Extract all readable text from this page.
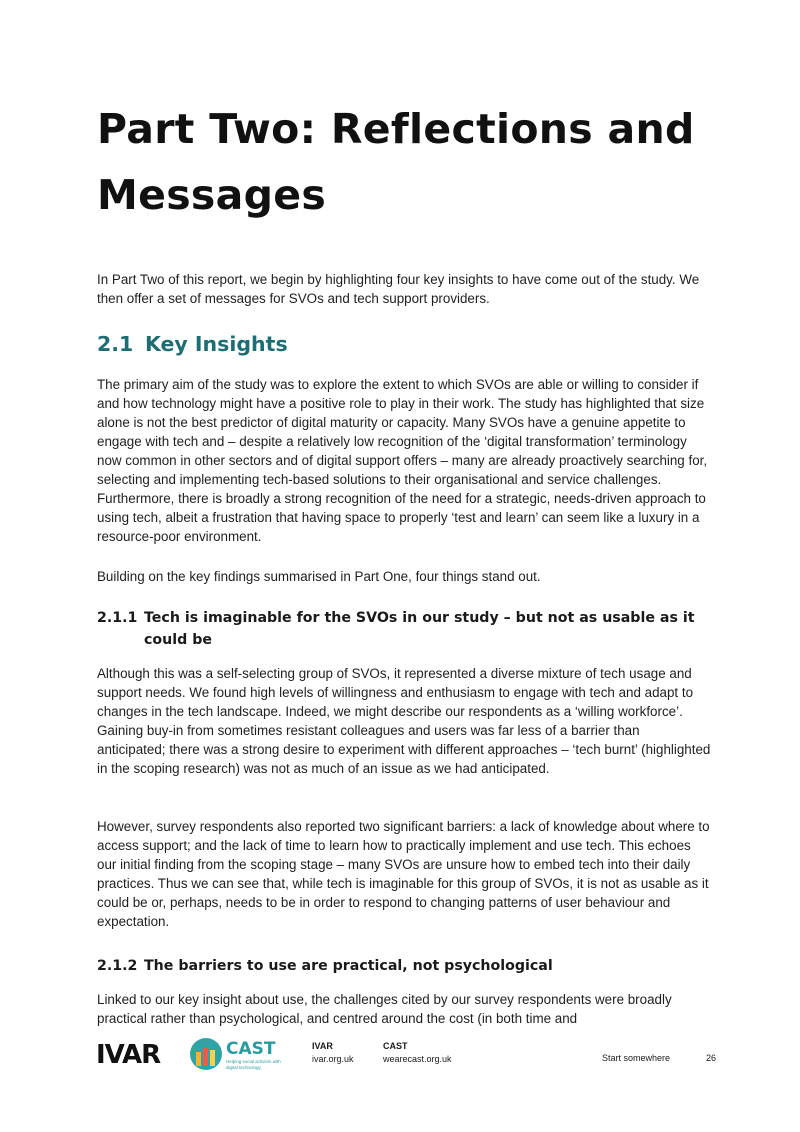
Part Two: Reflections and
Messages

In Part Two of this report, we begin by highlighting four key insights to have come out of the study. We then offer a set of messages for SVOs and tech support providers.

2.1 Key Insights

The primary aim of the study was to explore the extent to which SVOs are able or willing to consider if and how technology might have a positive role to play in their work. The study has highlighted that size alone is not the best predictor of digital maturity or capacity. Many SVOs have a genuine appetite to engage with tech and – despite a relatively low recognition of the ‘digital transformation’ terminology now common in other sectors and of digital support offers – many are already proactively searching for, selecting and implementing tech-based solutions to their organisational and service challenges. Furthermore, there is broadly a strong recognition of the need for a strategic, needs-driven approach to using tech, albeit a frustration that having space to properly ‘test and learn’ can seem like a luxury in a resource-poor environment.

Building on the key findings summarised in Part One, four things stand out.

2.1.1 Tech is imaginable for the SVOs in our study – but not as usable as it
could be

Although this was a self-selecting group of SVOs, it represented a diverse mixture of tech usage and support needs. We found high levels of willingness and enthusiasm to engage with tech and adapt to changes in the tech landscape. Indeed, we might describe our respondents as a ‘willing workforce’. Gaining buy-in from sometimes resistant colleagues and users was far less of a barrier than anticipated; there was a strong desire to experiment with different approaches – ‘tech burnt’ (highlighted in the scoping research) was not as much of an issue as we had anticipated.

However, survey respondents also reported two significant barriers: a lack of knowledge about where to access support; and the lack of time to learn how to practically implement and use tech. This echoes our initial finding from the scoping stage – many SVOs are unsure how to embed tech into their daily practices. Thus we can see that, while tech is imaginable for this group of SVOs, it is not as usable as it could be or, perhaps, needs to be in order to respond to changing patterns of user behaviour and expectation.

2.1.2 The barriers to use are practical, not psychological

Linked to our key insight about use, the challenges cited by our survey respondents were broadly practical rather than psychological, and centred around the cost (in both time and

IVAR	CAST
Helping social activism with digital technology
IVAR
ivar.org.uk
CAST
wearecast.org.uk	Start somewhere	26
